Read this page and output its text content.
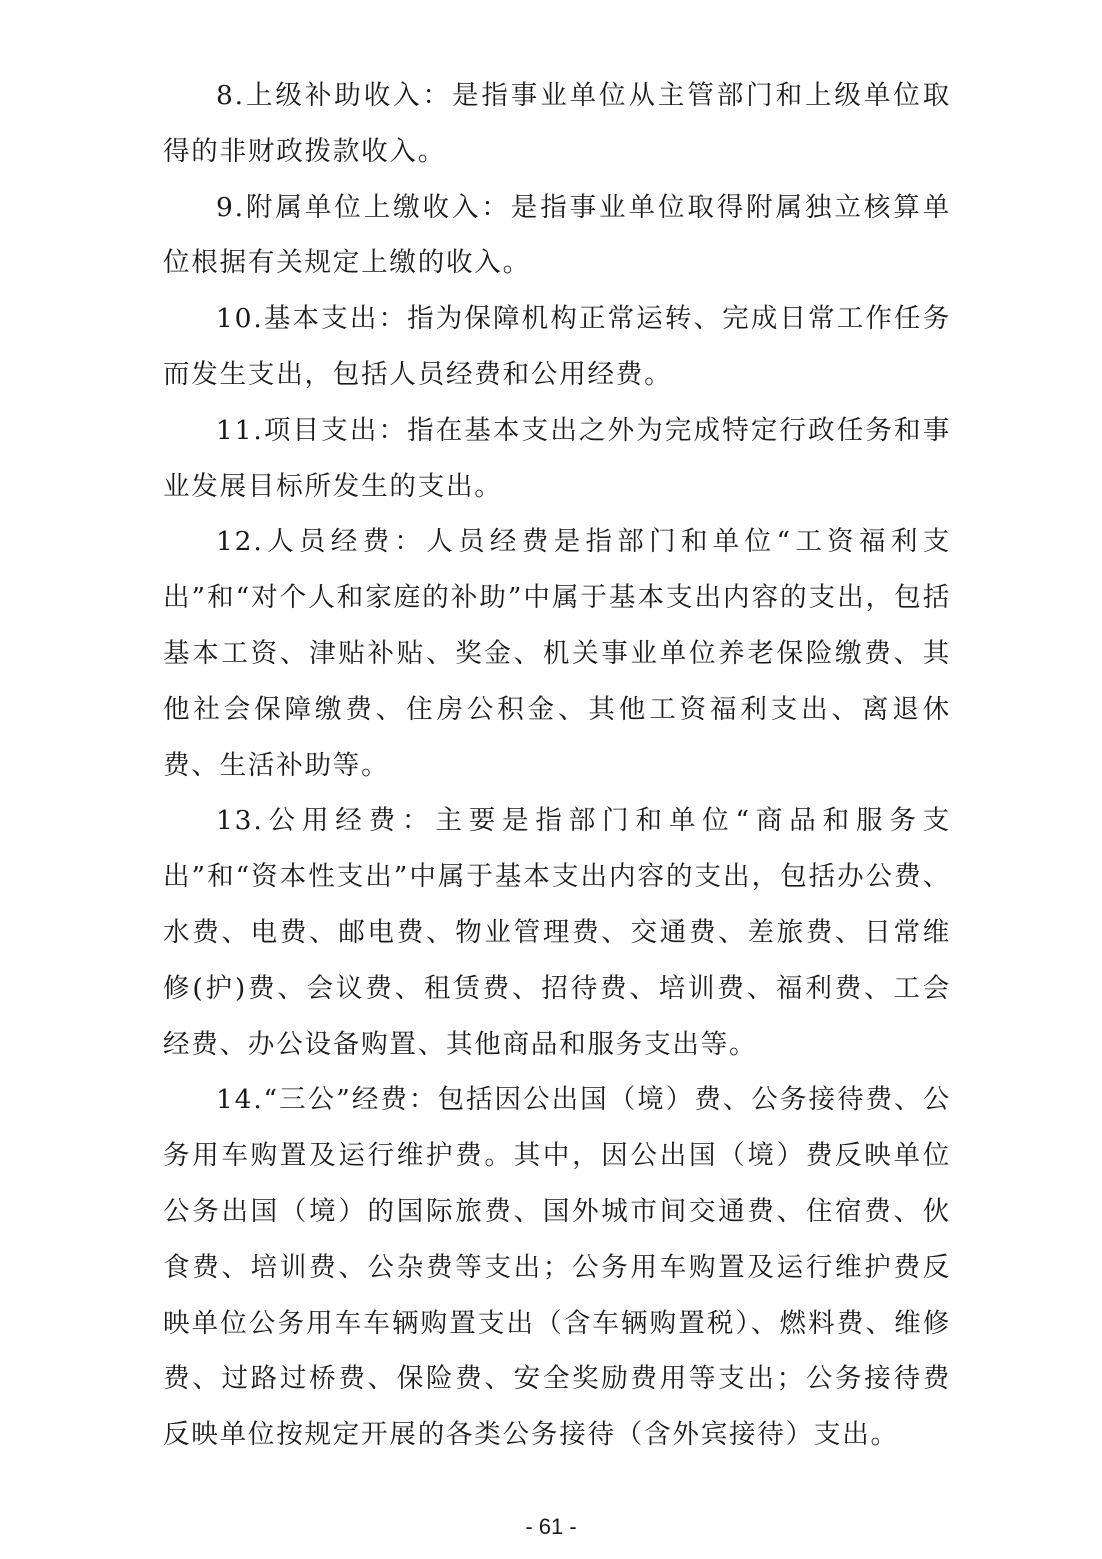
8.上级补助收入：是指事业单位从主管部门和上级单位取得的非财政拨款收入。

9.附属单位上缴收入：是指事业单位取得附属独立核算单位根据有关规定上缴的收入。

10.基本支出：指为保障机构正常运转、完成日常工作任务而发生支出，包括人员经费和公用经费。

11.项目支出：指在基本支出之外为完成特定行政任务和事业发展目标所发生的支出。

12.人员经费：人员经费是指部门和单位“工资福利支出”和“对个人和家庭的补助”中属于基本支出内容的支出，包括基本工资、津贴补贴、奖金、机关事业单位养老保险缴费、其他社会保障缴费、住房公积金、其他工资福利支出、离退休费、生活补助等。

13.公用经费：主要是指部门和单位“商品和服务支出”和“资本性支出”中属于基本支出内容的支出，包括办公费、水费、电费、邮电费、物业管理费、交通费、差旅费、日常维修(护)费、会议费、租赁费、招待费、培训费、福利费、工会经费、办公设备购置、其他商品和服务支出等。

14.“三公”经费：包括因公出国（境）费、公务接待费、公务用车购置及运行维护费。其中，因公出国（境）费反映单位公务出国（境）的国际旅费、国外城市间交通费、住宿费、伙食费、培训费、公杂费等支出；公务用车购置及运行维护费反映单位公务用车车辆购置支出（含车辆购置税）、燃料费、维修费、过路过桥费、保险费、安全奖励费用等支出；公务接待费反映单位按规定开展的各类公务接待（含外宾接待）支出。

- 61 -
